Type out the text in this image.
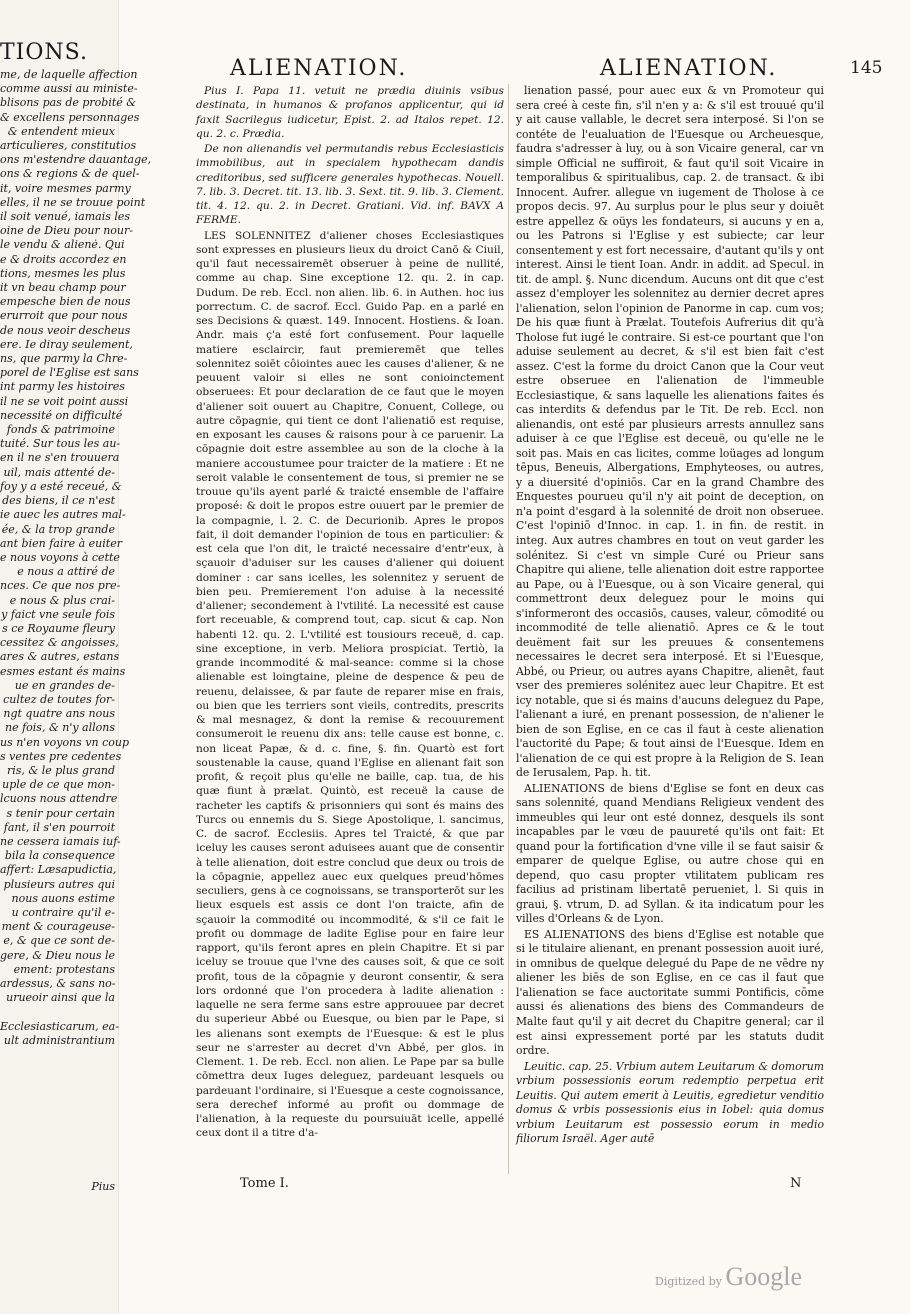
TIONS.
me, de laquelle affection
comme aussi au ministe-
blisons pas de probité &
& excellens personnages
& entendent mieux
articulieres, constitutios
ons m'estendre dauantage,
ons & regions & de quel-
it, voire mesmes parmy
elles, il ne se trouue point
il soit venué, iamais les
oine de Dieu pour nour-
le vendu & alienė. Qui
e & droits accordez en
tions, mesmes les plus
it vn beau champ pour
empesche bien de nous
erurroit que pour nous
de nous veoir descheus
ere. Ie diray seulement,
ns, que parmy la Chre-
porel de l'Eglise est sans
int parmy les histoires
il ne se voit point aussi
necessité on difficulté
fonds & patrimoine
tuité. Sur tous les au-
en il ne s'en trouuera
uil, mais attenté de-
foy y a esté receué, &
des biens, il ce n'est
ie auec les autres mal-
ée, & la trop grande
ant bien faire à euiter
e nous voyons à cette
e nous a attiré de
nces. Ce que nos pre-
e nous & plus crai-
y faict vne seule fois
s ce Royaume fleury
cessitez & angoisses,
ares & autres, estans
esmes estant és mains
ue en grandes de-
cultez de toutes for-
ngt quatre ans nous
ne fois, & n'y allons
us n'en voyons vn coup
s ventes pre cedentes
ris, & le plus grand
uple de ce que mon-
lcuons nous attendre
s tenir pour certain
fant, il s'en pourroit
ne cessera iamais iuf-
bila la consequence
affert: Læsapudictia,
plusieurs autres qui
nous auons estime
u contraire qu'il e-
ment & courageuse-
e, & que ce sont de-
gere, & Dieu nous le
ement: protestans
ardessus, & sans no-
urueoir ainsi que la

Ecclesiasticarum, ea-
ult administrantium
Pius
ALIENATION.	ALIENATION.	145

Pius I. Papa 11. vetuit ne prædia diuinis vsibus destinata, in humanos & profanos applicentur, qui id faxit Sacrilegus iudicetur, Epist. 2. ad Italos repet. 12. qu. 2. c. Prædia.

De non alienandis vel permutandis rebus Ecclesiasticis immobilibus, aut in specialem hypothecam dandis creditoribus, sed sufficere generales hypothecas. Nouell. 7. lib. 3. Decret. tit. 13. lib. 3. Sext. tit. 9. lib. 3. Clement. tit. 4. 12. qu. 2. in Decret. Gratiani. Vid. inf. BAVX A FERME.

LES SOLENNITEZ d'aliener choses Ecclesiastiques sont expresses en plusieurs lieux du droict Canō & Ciuil, qu'il faut necessairemēt obseruer à peine de nullité, comme au chap. Sine exceptione 12. qu. 2. in cap. Dudum. De reb. Eccl. non alien. lib. 6. in Authen. hoc ius porrectum. C. de sacrof. Eccl. Guido Pap. en a parlé en ses Decisions & quæst. 149. Innocent. Hostiens. & Ioan. Andr. mais ç'a esté fort confusement. Pour laquelle matiere esclaircir, faut premieremēt que telles solennitez soiēt côiointes auec les causes d'aliener, & ne peuuent valoir si elles ne sont conioinctement obseruees: Et pour declaration de ce faut que le moyen d'aliener soit ouuert au Chapitre, Conuent, College, ou autre cōpagnie, qui tient ce dont l'alienatiō est requise, en exposant les causes & raisons pour à ce paruenir. La cōpagnie doit estre assemblee au son de la cloche à la maniere accoustumee pour traicter de la matiere : Et ne seroit valable le consentement de tous, si premier ne se trouue qu'ils ayent parlé & traicté ensemble de l'affaire proposé: & doit le propos estre ouuert par le premier de la compagnie, l. 2. C. de Decurionib. Apres le propos fait, il doit demander l'opinion de tous en particulier: & est cela que l'on dit, le traicté necessaire d'entr'eux, à sçauoir d'aduiser sur les causes d'aliener qui doiuent dominer : car sans icelles, les solennitez y seruent de bien peu. Premierement l'on aduise à la necessité d'aliener; secondement à l'vtilité. La necessité est cause fort receuable, & comprend tout, cap. sicut & cap. Non habenti 12. qu. 2. L'vtilité est tousiours receuë, d. cap. sine exceptione, in verb. Meliora prospiciat. Tertiò, la grande incommodité & mal-seance: comme si la chose alienable est loingtaine, pleine de despence & peu de reuenu, delaissee, & par faute de reparer mise en frais, ou bien que les terriers sont vieils, contredits, prescrits & mal mesnagez, & dont la remise & recouurement consumeroit le reuenu dix ans: telle cause est bonne, c. non liceat Papæ, & d. c. fine, §. fin. Quartò est fort soustenable la cause, quand l'Eglise en alienant fait son profit, & reçoit plus qu'elle ne baille, cap. tua, de his quæ fiunt à prælat. Quintò, est receuë la cause de racheter les captifs & prisonniers qui sont és mains des Turcs ou ennemis du S. Siege Apostolique, l. sancimus, C. de sacrof. Ecclesiis. Apres tel Traicté, & que par iceluy les causes seront aduisees auant que de consentir à telle alienation, doit estre conclud que deux ou trois de la cōpagnie, appellez auec eux quelques preud'hōmes seculiers, gens à ce cognoissans, se transporterōt sur les lieux esquels est assis ce dont l'on traicte, afin de sçauoir la commodité ou incommodité, & s'il ce fait le profit ou dommage de ladite Eglise pour en faire leur rapport, qu'ils feront apres en plein Chapitre. Et si par iceluy se trouue que l'vne des causes soit, & que ce soit profit, tous de la cōpagnie y deuront consentir, & sera lors ordonné que l'on procedera à ladite alienation : laquelle ne sera ferme sans estre approuuee par decret du superieur Abbé ou Euesque, ou bien par le Pape, si les alienans sont exempts de l'Euesque: & est le plus seur ne s'arrester au decret d'vn Abbé, per glos. in Clement. 1. De reb. Eccl. non alien. Le Pape par sa bulle cōmettra deux Iuges deleguez, pardeuant lesquels ou pardeuant l'ordinaire, si l'Euesque a ceste cognoissance, sera derechef informé au profit ou dommage de l'alienation, à la requeste du poursuiuāt icelle, appellé ceux dont il a titre d'a-

lienation passé, pour auec eux & vn Promoteur qui sera creé à ceste fin, s'il n'en y a: & s'il est trouué qu'il y ait cause vallable, le decret sera interposé. Si l'on se contéte de l'eualuation de l'Euesque ou Archeuesque, faudra s'adresser à luy, ou à son Vicaire general, car vn simple Official ne suffiroit, & faut qu'il soit Vicaire in temporalibus & spiritualibus, cap. 2. de transact. & ibi Innocent. Aufrer. allegue vn iugement de Tholose à ce propos decis. 97. Au surplus pour le plus seur y doiuēt estre appellez & oüys les fondateurs, si aucuns y en a, ou les Patrons si l'Eglise y est subiecte; car leur consentement y est fort necessaire, d'autant qu'ils y ont interest. Ainsi le tient Ioan. Andr. in addit. ad Specul. in tit. de ampl. §. Nunc dicendum. Aucuns ont dit que c'est assez d'employer les solennitez au dernier decret apres l'alienation, selon l'opinion de Panorme in cap. cum vos; De his quæ fiunt à Prælat. Toutefois Aufrerius dit qu'à Tholose fut iugé le contraire. Si est-ce pourtant que l'on aduise seulement au decret, & s'il est bien fait c'est assez. C'est la forme du droict Canon que la Cour veut estre obseruee en l'alienation de l'immeuble Ecclesiastique, & sans laquelle les alienations faites és cas interdits & defendus par le Tit. De reb. Eccl. non alienandis, ont esté par plusieurs arrests annullez sans aduiser à ce que l'Eglise est deceuë, ou qu'elle ne le soit pas. Mais en cas licites, comme loüages ad longum tēpus, Beneuis, Albergations, Emphyteoses, ou autres, y a diuersité d'opiniōs. Car en la grand Chambre des Enquestes pourueu qu'il n'y ait point de deception, on n'a point d'esgard à la solennité de droit non obseruee. C'est l'opiniō d'Innoc. in cap. 1. in fin. de restit. in integ. Aux autres chambres en tout on veut garder les solénitez. Si c'est vn simple Curé ou Prieur sans Chapitre qui aliene, telle alienation doit estre rapportee au Pape, ou à l'Euesque, ou à son Vicaire general, qui commettront deux deleguez pour le moins qui s'informeront des occasiōs, causes, valeur, cōmodité ou incommodité de telle alienatiō. Apres ce & le tout deuëment fait sur les preuues & consentemens necessaires le decret sera interposé. Et si l'Euesque, Abbé, ou Prieur, ou autres ayans Chapitre, alienēt, faut vser des premieres solénitez auec leur Chapitre. Et est icy notable, que si és mains d'aucuns deleguez du Pape, l'alienant a iuré, en prenant possession, de n'aliener le bien de son Eglise, en ce cas il faut à ceste alienation l'auctorité du Pape; & tout ainsi de l'Euesque. Idem en l'alienation de ce qui est propre à la Religion de S. Iean de Ierusalem, Pap. h. tit.

ALIENATIONS de biens d'Eglise se font en deux cas sans solennité, quand Mendians Religieux vendent des immeubles qui leur ont esté donnez, desquels ils sont incapables par le vœu de pauureté qu'ils ont fait: Et quand pour la fortification d'vne ville il se faut saisir & emparer de quelque Eglise, ou autre chose qui en depend, quo casu propter vtilitatem publicam res facilius ad pristinam libertatē perueniet, l. Si quis in graui, §. vtrum, D. ad Syllan. & ita indicatum pour les villes d'Orleans & de Lyon.

ES ALIENATIONS des biens d'Eglise est notable que si le titulaire alienant, en prenant possession auoit iuré, in omnibus de quelque delegué du Pape de ne vēdre ny aliener les biēs de son Eglise, en ce cas il faut que l'alienation se face auctoritate summi Pontificis, cōme aussi és alienations des biens des Commandeurs de Malte faut qu'il y ait decret du Chapitre general; car il est ainsi expressement porté par les statuts dudit ordre.

Leuitic. cap. 25. Vrbium autem Leuitarum & domorum vrbium possessionis eorum redemptio perpetua erit Leuitis. Qui autem emerit à Leuitis, egredietur venditio domus & vrbis possessionis eius in Iobel: quia domus vrbium Leuitarum est possessio eorum in medio filiorum Israël. Ager autē

Tome I.	N
Digitized by Google
